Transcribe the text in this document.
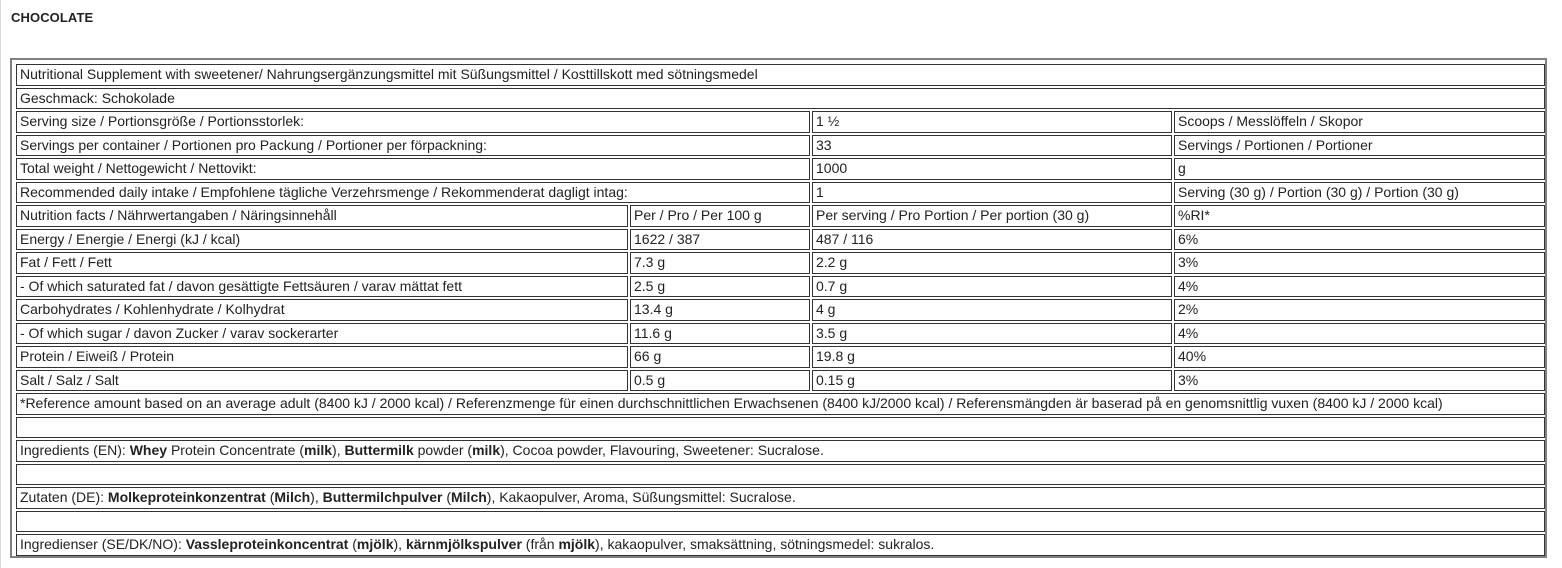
CHOCOLATE
Nutritional Supplement with sweetener/ Nahrungsergänzungsmittel mit Süßungsmittel / Kosttillskott med sötningsmedel			
Geschmack: Schokolade			
Serving size / Portionsgröße / Portionsstorlek:		1 ½	Scoops / Messlöffeln / Skopor
Servings per container / Portionen pro Packung / Portioner per förpackning:		33	Servings / Portionen / Portioner
Total weight / Nettogewicht / Nettovikt:		1000	g
Recommended daily intake / Empfohlene tägliche Verzehrsmenge / Rekommenderat dagligt intag:		1	Serving (30 g) / Portion (30 g) / Portion (30 g)
Nutrition facts / Nährwertangaben / Näringsinnehåll	Per / Pro / Per 100 g	Per serving / Pro Portion / Per portion (30 g)	%RI*
Energy / Energie / Energi (kJ / kcal)	1622 / 387	487 / 116	6%
Fat / Fett / Fett	7.3 g	2.2 g	3%
- Of which saturated fat / davon gesättigte Fettsäuren / varav mättat fett	2.5 g	0.7 g	4%
Carbohydrates / Kohlenhydrate / Kolhydrat	13.4 g	4 g	2%
- Of which sugar / davon Zucker / varav sockerarter	11.6 g	3.5 g	4%
Protein / Eiweiß / Protein	66 g	19.8 g	40%
Salt / Salz / Salt	0.5 g	0.15 g	3%
*Reference amount based on an average adult (8400 kJ / 2000 kcal) / Referenzmenge für einen durchschnittlichen Erwachsenen (8400 kJ/2000 kcal) / Referensmängden är baserad på en genomsnittlig vuxen (8400 kJ / 2000 kcal)			

Ingredients (EN): Whey Protein Concentrate (milk), Buttermilk powder (milk), Cocoa powder, Flavouring, Sweetener: Sucralose.			

Zutaten (DE): Molkeproteinkonzentrat (Milch), Buttermilchpulver (Milch), Kakaopulver, Aroma, Süßungsmittel: Sucralose.			

Ingredienser (SE/DK/NO): Vassleproteinkoncentrat (mjölk), kärnmjölkspulver (från mjölk), kakaopulver, smaksättning, sötningsmedel: sukralos.			
